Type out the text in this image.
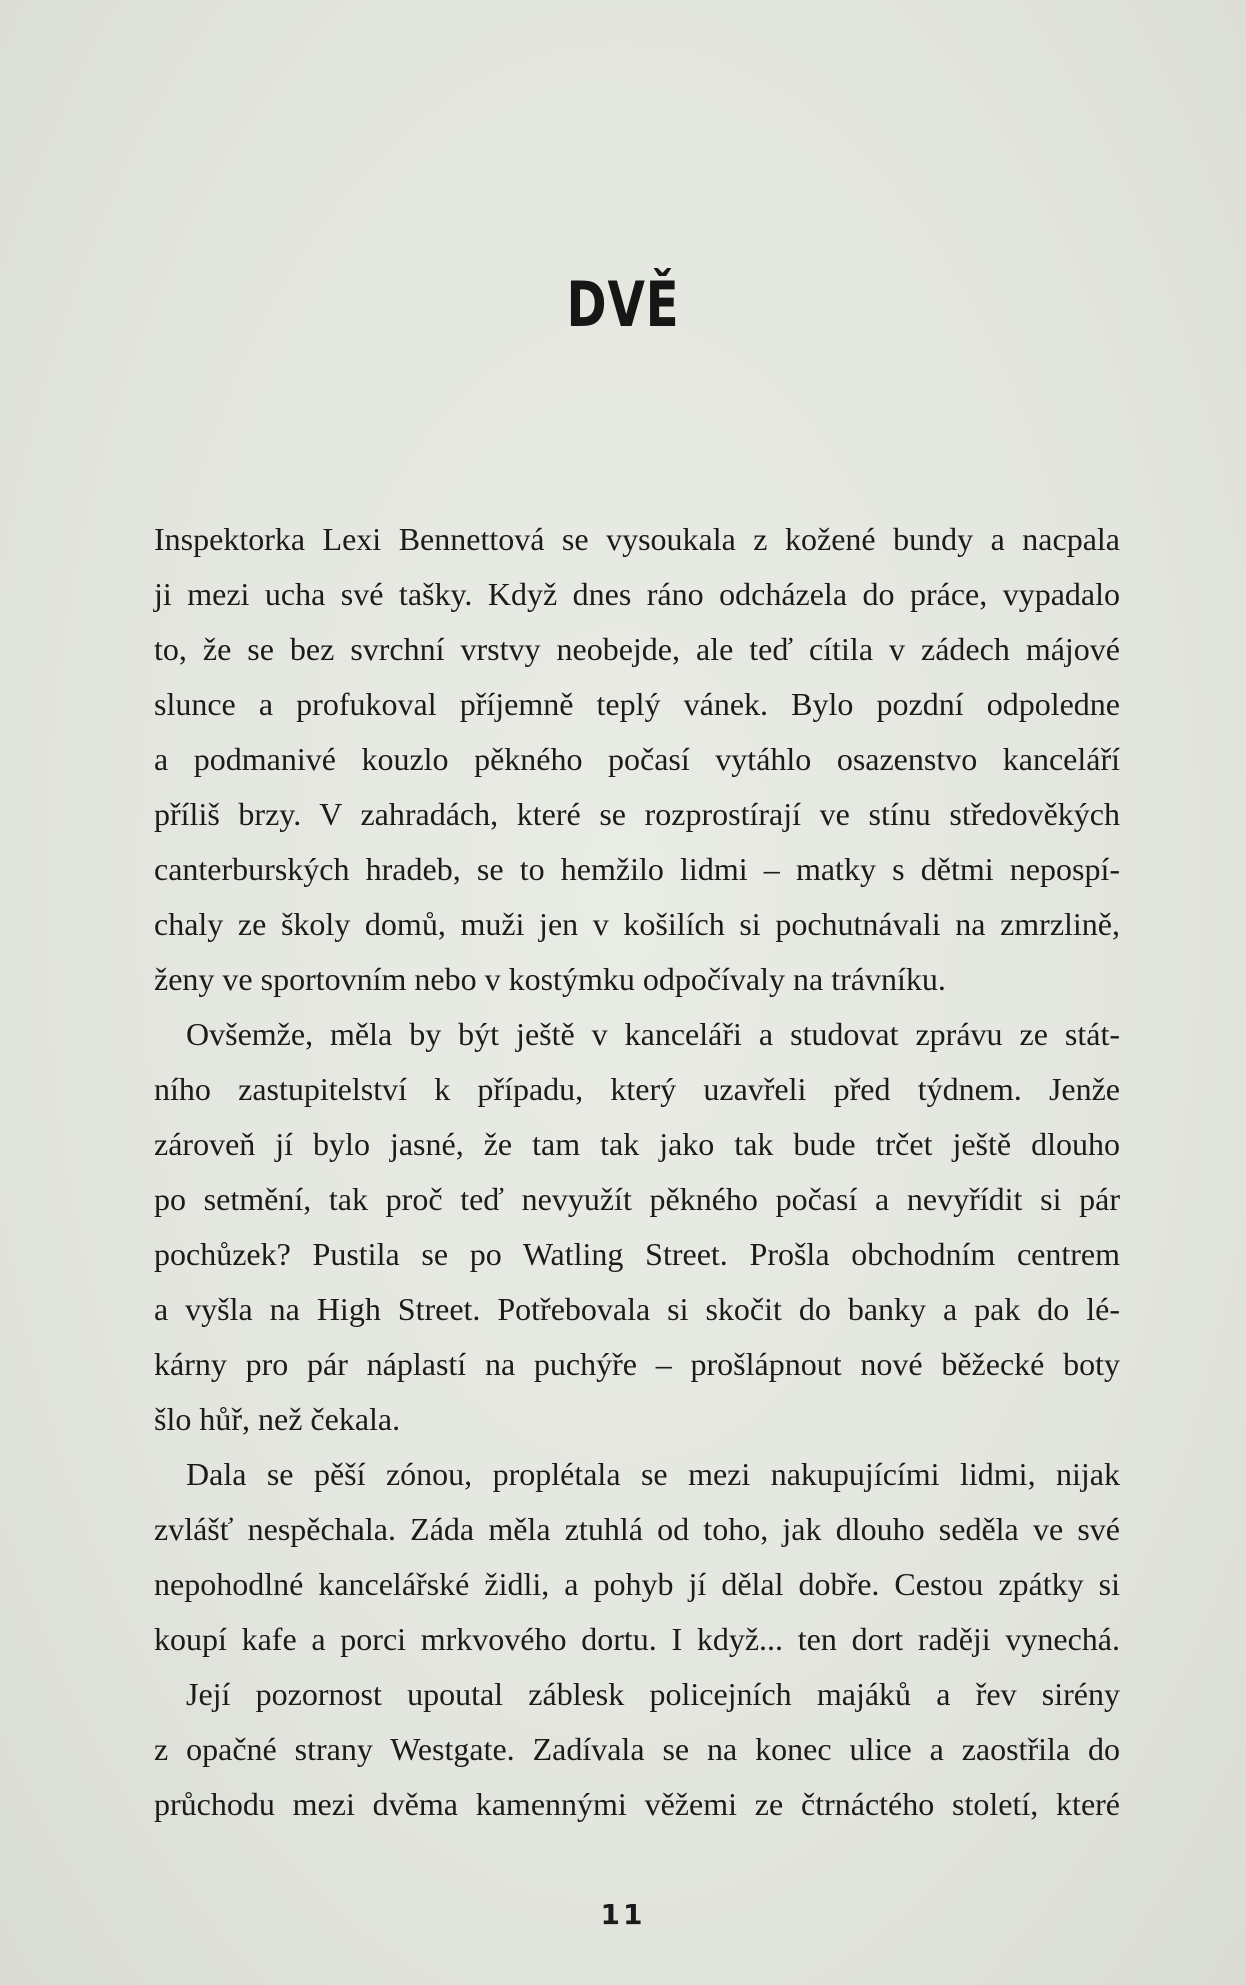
DVĚ

Inspektorka Lexi Bennettová se vysoukala z kožené bundy a nacpala
ji mezi ucha své tašky. Když dnes ráno odcházela do práce, vypadalo
to, že se bez svrchní vrstvy neobejde, ale teď cítila v zádech májové
slunce a profukoval příjemně teplý vánek. Bylo pozdní odpoledne
a podmanivé kouzlo pěkného počasí vytáhlo osazenstvo kanceláří
příliš brzy. V zahradách, které se rozprostírají ve stínu středověkých
canterburských hradeb, se to hemžilo lidmi – matky s dětmi nepospí-
chaly ze školy domů, muži jen v košilích si pochutnávali na zmrzlině,
ženy ve sportovním nebo v kostýmku odpočívaly na trávníku.

Ovšemže, měla by být ještě v kanceláři a studovat zprávu ze stát-
ního zastupitelství k případu, který uzavřeli před týdnem. Jenže
zároveň jí bylo jasné, že tam tak jako tak bude trčet ještě dlouho
po setmění, tak proč teď nevyužít pěkného počasí a nevyřídit si pár
pochůzek? Pustila se po Watling Street. Prošla obchodním centrem
a vyšla na High Street. Potřebovala si skočit do banky a pak do lé-
kárny pro pár náplastí na puchýře – prošlápnout nové běžecké boty
šlo hůř, než čekala.

Dala se pěší zónou, proplétala se mezi nakupujícími lidmi, nijak
zvlášť nespěchala. Záda měla ztuhlá od toho, jak dlouho seděla ve své
nepohodlné kancelářské židli, a pohyb jí dělal dobře. Cestou zpátky si
koupí kafe a porci mrkvového dortu. I když... ten dort raději vynechá.

Její pozornost upoutal záblesk policejních majáků a řev sirény
z opačné strany Westgate. Zadívala se na konec ulice a zaostřila do
průchodu mezi dvěma kamennými věžemi ze čtrnáctého století, které

11
